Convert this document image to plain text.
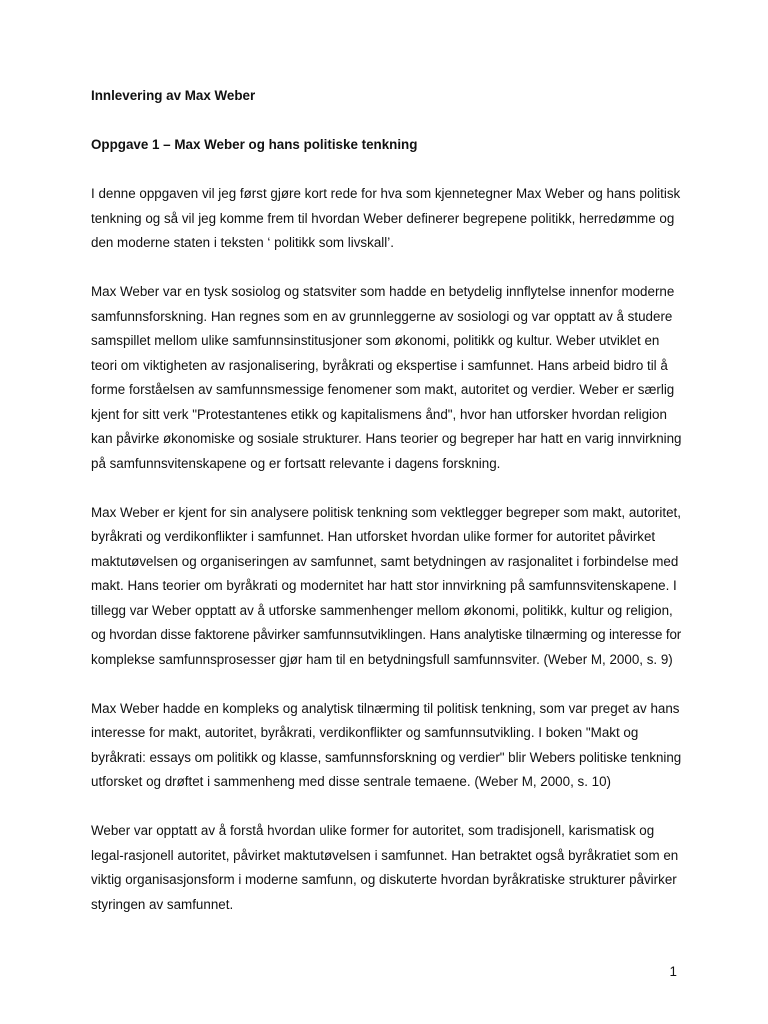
Innlevering av Max Weber

Oppgave 1 – Max Weber og hans politiske tenkning

I denne oppgaven vil jeg først gjøre kort rede for hva som kjennetegner Max Weber og hans politisk
tenkning og så vil jeg komme frem til hvordan Weber definerer begrepene politikk, herredømme og
den moderne staten i teksten ‘ politikk som livskall’.
Max Weber var en tysk sosiolog og statsviter som hadde en betydelig innflytelse innenfor moderne
samfunnsforskning. Han regnes som en av grunnleggerne av sosiologi og var opptatt av å studere
samspillet mellom ulike samfunnsinstitusjoner som økonomi, politikk og kultur. Weber utviklet en
teori om viktigheten av rasjonalisering, byråkrati og ekspertise i samfunnet. Hans arbeid bidro til å
forme forståelsen av samfunnsmessige fenomener som makt, autoritet og verdier. Weber er særlig
kjent for sitt verk "Protestantenes etikk og kapitalismens ånd", hvor han utforsker hvordan religion
kan påvirke økonomiske og sosiale strukturer. Hans teorier og begreper har hatt en varig innvirkning
på samfunnsvitenskapene og er fortsatt relevante i dagens forskning.
Max Weber er kjent for sin analysere politisk tenkning som vektlegger begreper som makt, autoritet,
byråkrati og verdikonflikter i samfunnet. Han utforsket hvordan ulike former for autoritet påvirket
maktutøvelsen og organiseringen av samfunnet, samt betydningen av rasjonalitet i forbindelse med
makt. Hans teorier om byråkrati og modernitet har hatt stor innvirkning på samfunnsvitenskapene. I
tillegg var Weber opptatt av å utforske sammenhenger mellom økonomi, politikk, kultur og religion,
og hvordan disse faktorene påvirker samfunnsutviklingen. Hans analytiske tilnærming og interesse for
komplekse samfunnsprosesser gjør ham til en betydningsfull samfunnsviter. (Weber M, 2000, s. 9)
Max Weber hadde en kompleks og analytisk tilnærming til politisk tenkning, som var preget av hans
interesse for makt, autoritet, byråkrati, verdikonflikter og samfunnsutvikling. I boken "Makt og
byråkrati: essays om politikk og klasse, samfunnsforskning og verdier" blir Webers politiske tenkning
utforsket og drøftet i sammenheng med disse sentrale temaene. (Weber M, 2000, s. 10)
Weber var opptatt av å forstå hvordan ulike former for autoritet, som tradisjonell, karismatisk og
legal-rasjonell autoritet, påvirket maktutøvelsen i samfunnet. Han betraktet også byråkratiet som en
viktig organisasjonsform i moderne samfunn, og diskuterte hvordan byråkratiske strukturer påvirker
styringen av samfunnet.
1
